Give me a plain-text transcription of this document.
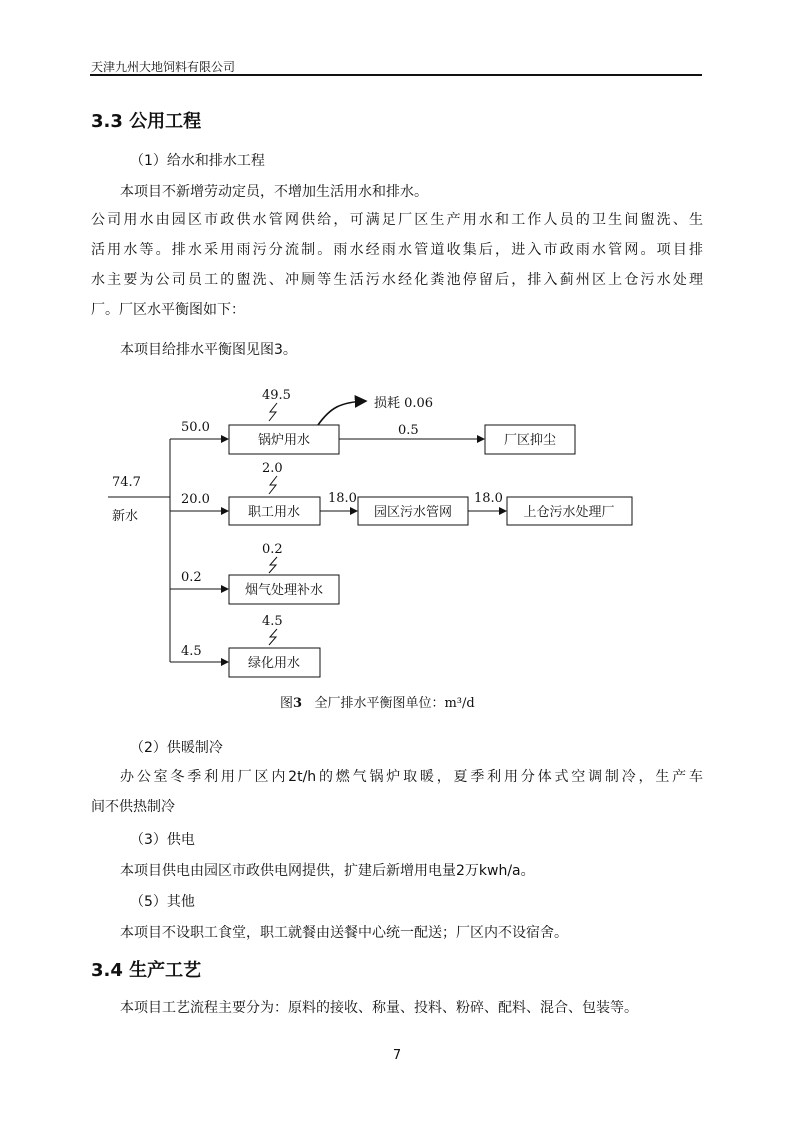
天津九州大地饲料有限公司
3.3 公用工程
（1）给水和排水工程
本项目不新增劳动定员，不增加生活用水和排水。
公司用水由园区市政供水管网供给，可满足厂区生产用水和工作人员的卫生间盥洗、生
活用水等。排水采用雨污分流制。雨水经雨水管道收集后，进入市政雨水管网。项目排
水主要为公司员工的盥洗、冲厕等生活污水经化粪池停留后，排入蓟州区上仓污水处理
厂。厂区水平衡图如下：
本项目给排水平衡图见图3。
74.7
新水
50.0
锅炉用水
49.5
损耗 0.06
0.5
厂区抑尘
20.0
职工用水
2.0
18.0
园区污水管网
18.0
上仓污水处理厂
0.2
烟气处理补水
0.2
4.5
绿化用水
4.5
图3 全厂排水平衡图单位：m³/d
（2）供暖制冷
办公室冬季利用厂区内2t/h的燃气锅炉取暖，夏季利用分体式空调制冷，生产车
间不供热制冷
（3）供电
本项目供电由园区市政供电网提供，扩建后新增用电量2万kwh/a。
（5）其他
本项目不设职工食堂，职工就餐由送餐中心统一配送；厂区内不设宿舍。
3.4 生产工艺
本项目工艺流程主要分为：原料的接收、称量、投料、粉碎、配料、混合、包装等。
7
